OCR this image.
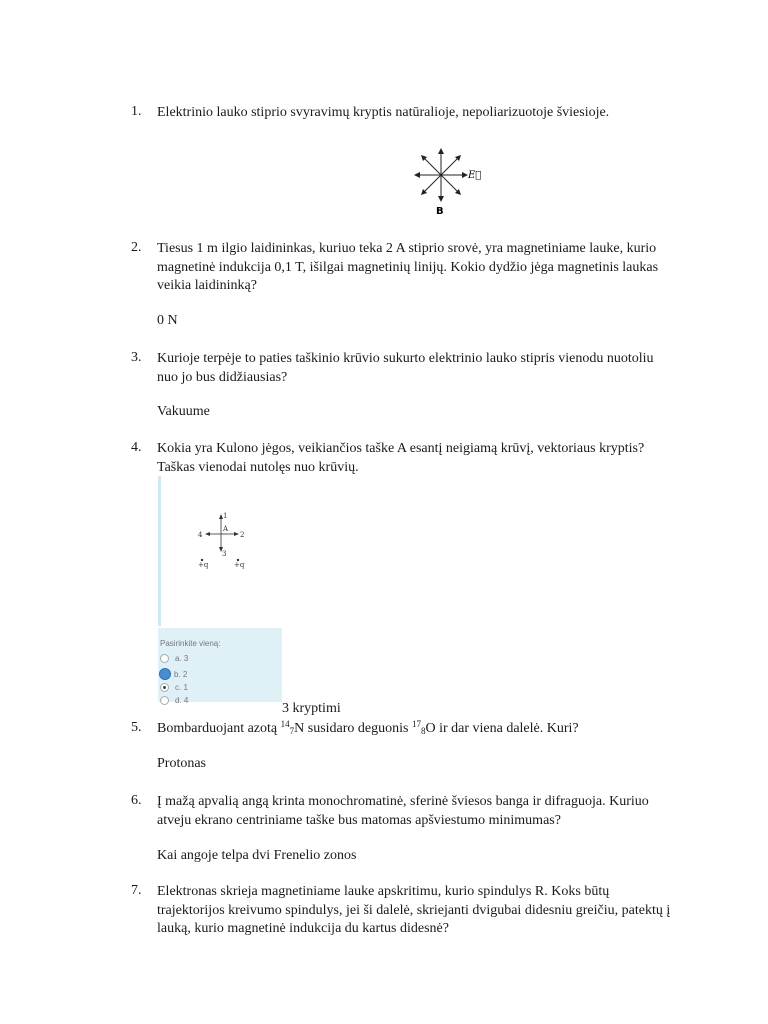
1. Elektrinio lauko stiprio svyravimų kryptis natūralioje, nepoliarizuotoje šviesioje.
E⃗
B
2. Tiesus 1 m ilgio laidininkas, kuriuo teka 2 A stiprio srovė, yra magnetiniame lauke, kurio
magnetinė indukcija 0,1 T, išilgai magnetinių linijų. Kokio dydžio jėga magnetinis laukas
veikia laidininką?
0 N
3. Kurioje terpėje to paties taškinio krūvio sukurto elektrinio lauko stipris vienodu nuotoliu
nuo jo bus didžiausias?
Vakuume
4. Kokia yra Kulono jėgos, veikiančios taške A esantį neigiamą krūvį, vektoriaus kryptis?
Taškas vienodai nutolęs nuo krūvių.
1
2
3
4
A
+q	+q
Pasirinkite vieną:
a. 3
b. 2
c. 1
d. 4
3 kryptimi
5. Bombarduojant azotą $^{14}_7$N susidaro deguonis $^{17}_8$O ir dar viena dalelė. Kuri?
Protonas
6. Į mažą apvalią angą krinta monochromatinė, sferinė šviesos banga ir difraguoja. Kuriuo
atveju ekrano centriniame taške bus matomas apšviestumo minimumas?
Kai angoje telpa dvi Frenelio zonos
7. Elektronas skrieja magnetiniame lauke apskritimu, kurio spindulys R. Koks būtų
trajektorijos kreivumo spindulys, jei ši dalelė, skriejanti dvigubai didesniu greičiu, patektų į
lauką, kurio magnetinė indukcija du kartus didesnė?
